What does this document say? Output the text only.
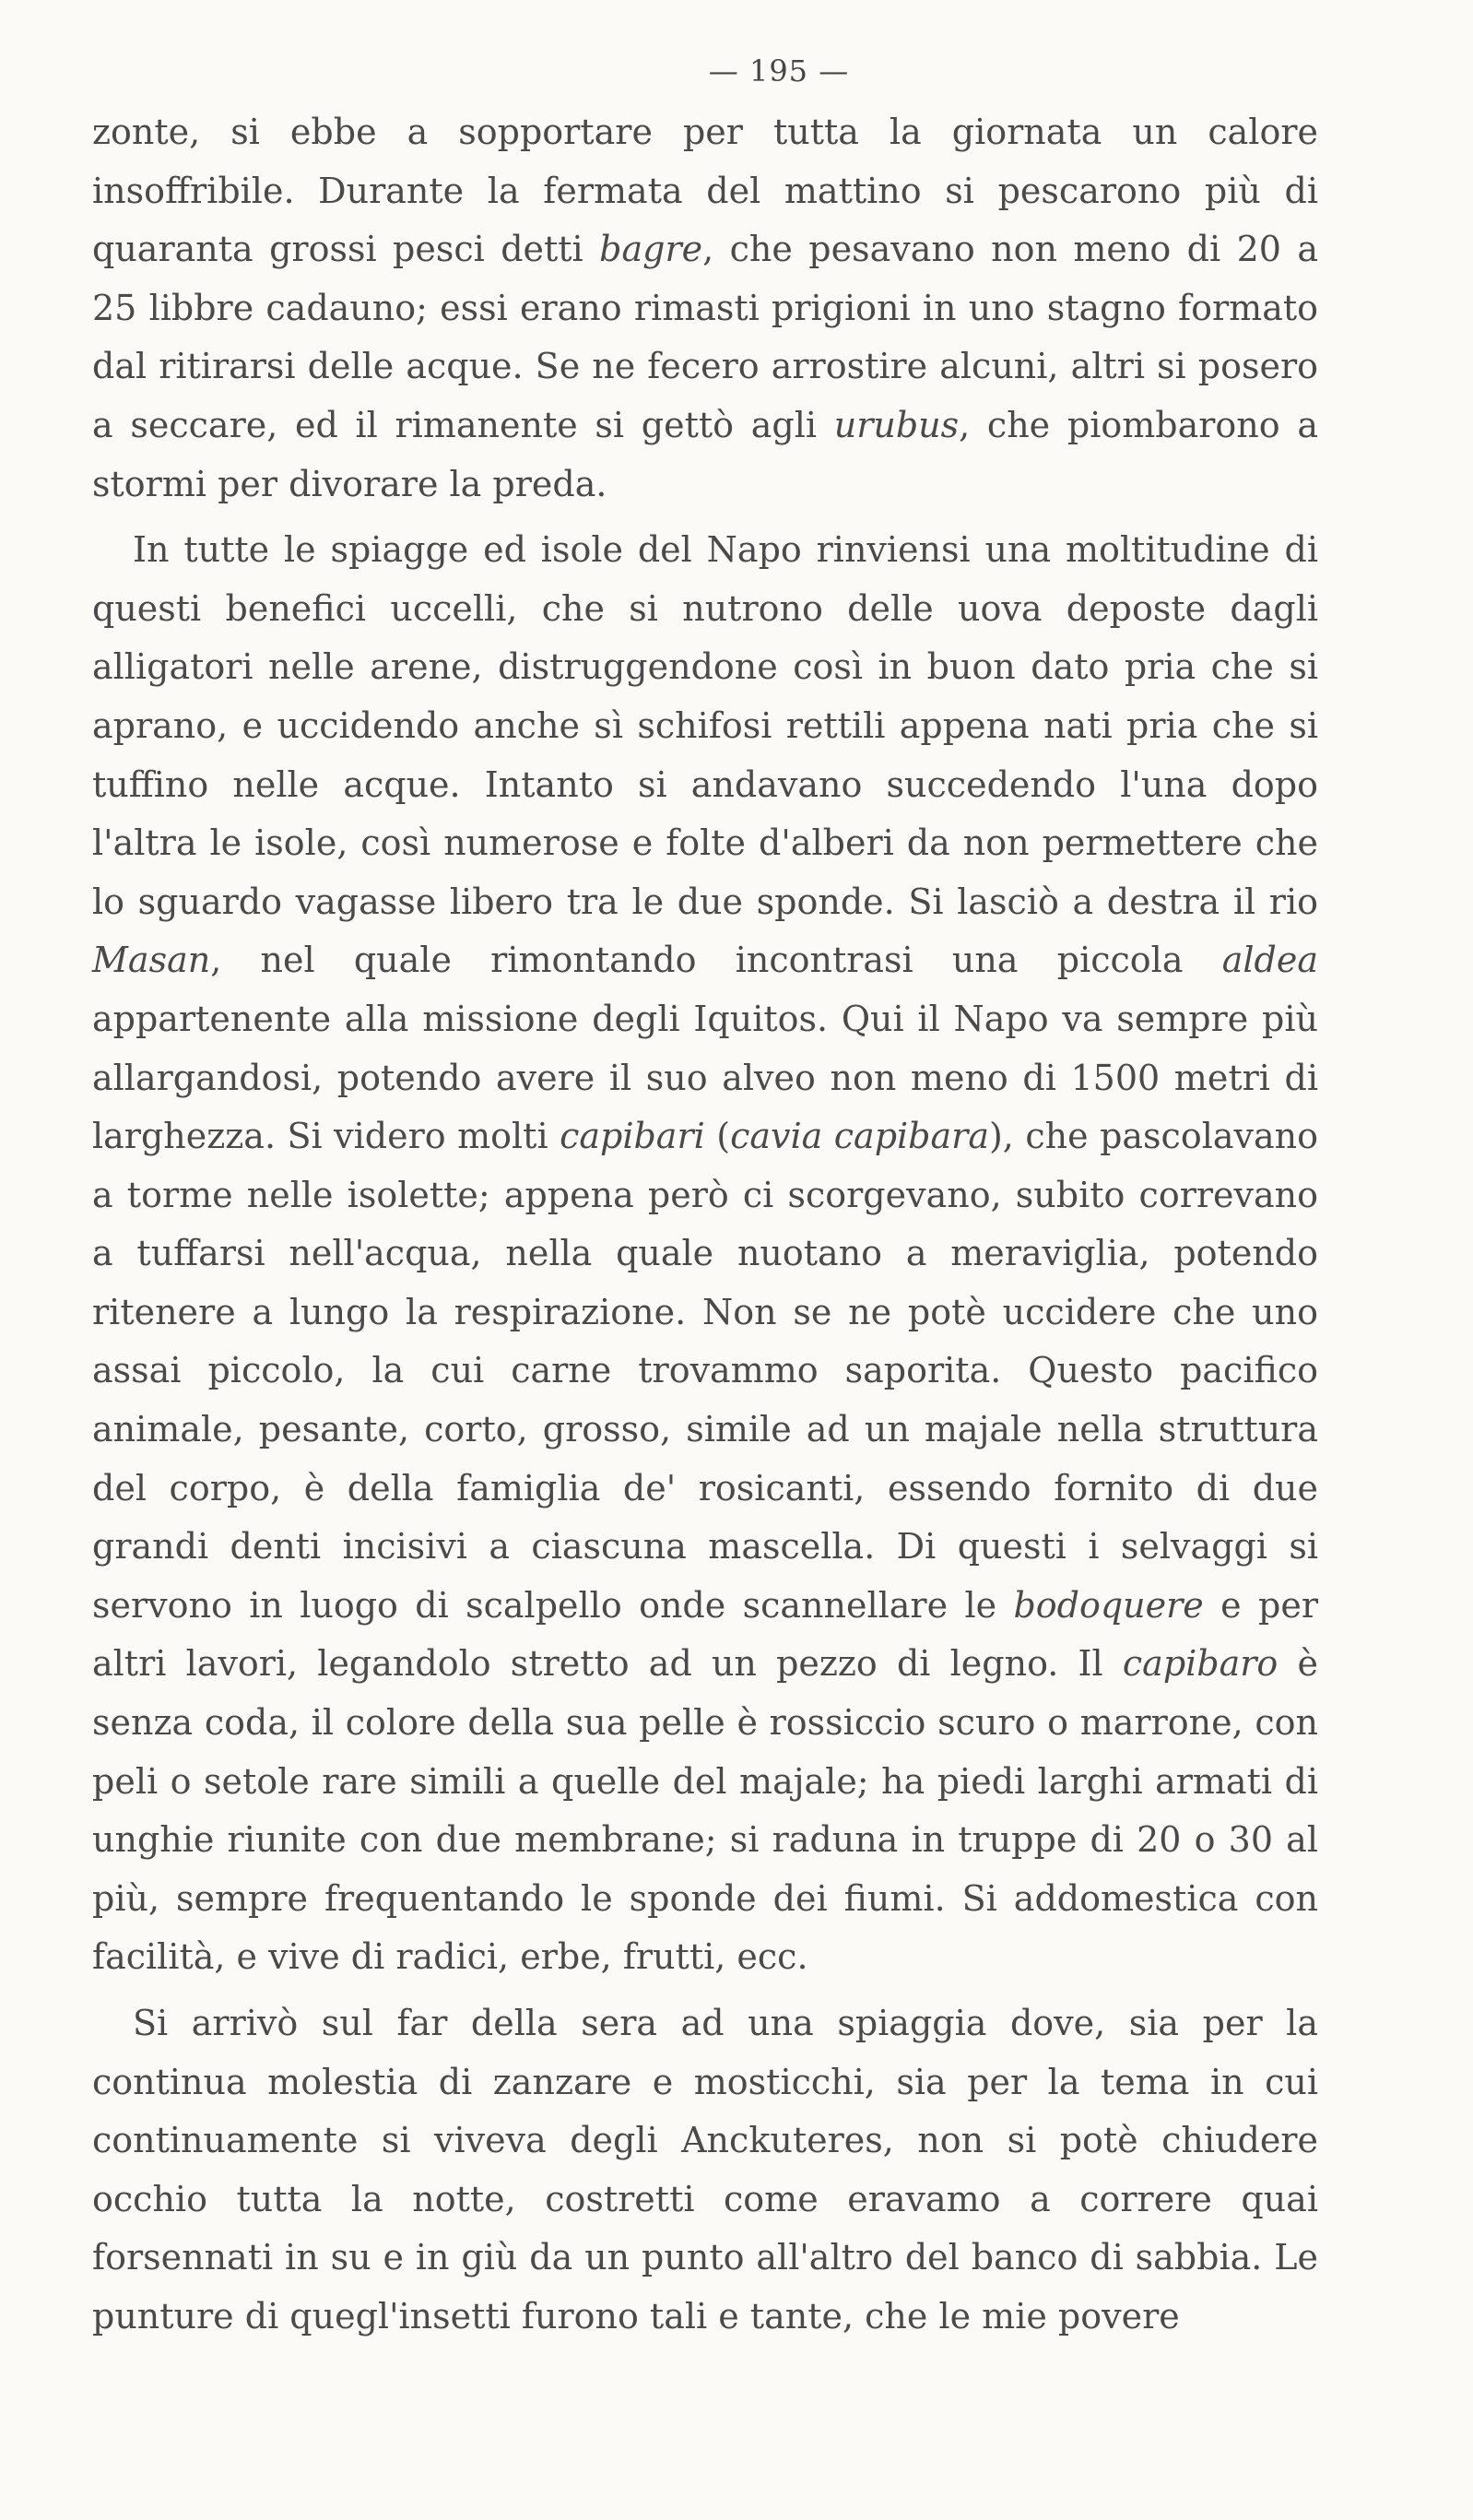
— 195 —

zonte, si ebbe a sopportare per tutta la giornata un calore insoffribile. Durante la fermata del mattino si pescarono più di quaranta grossi pesci detti bagre, che pesavano non meno di 20 a 25 libbre cadauno; essi erano rimasti prigioni in uno stagno formato dal ritirarsi delle acque. Se ne fecero arrostire alcuni, altri si posero a seccare, ed il rimanente si gettò agli urubus, che piombarono a stormi per divorare la preda.

In tutte le spiagge ed isole del Napo rinviensi una moltitudine di questi benefici uccelli, che si nutrono delle uova deposte dagli alligatori nelle arene, distruggendone così in buon dato pria che si aprano, e uccidendo anche sì schifosi rettili appena nati pria che si tuffino nelle acque. Intanto si andavano succedendo l'una dopo l'altra le isole, così numerose e folte d'alberi da non permettere che lo sguardo vagasse libero tra le due sponde. Si lasciò a destra il rio Masan, nel quale rimontando incontrasi una piccola aldea appartenente alla missione degli Iquitos. Qui il Napo va sempre più allargandosi, potendo avere il suo alveo non meno di 1500 metri di larghezza. Si videro molti capibari (cavia capibara), che pascolavano a torme nelle isolette; appena però ci scorgevano, subito correvano a tuffarsi nell'acqua, nella quale nuotano a meraviglia, potendo ritenere a lungo la respirazione. Non se ne potè uccidere che uno assai piccolo, la cui carne trovammo saporita. Questo pacifico animale, pesante, corto, grosso, simile ad un majale nella struttura del corpo, è della famiglia de' rosicanti, essendo fornito di due grandi denti incisivi a ciascuna mascella. Di questi i selvaggi si servono in luogo di scalpello onde scannellare le bodoquere e per altri lavori, legandolo stretto ad un pezzo di legno. Il capibaro è senza coda, il colore della sua pelle è rossiccio scuro o marrone, con peli o setole rare simili a quelle del majale; ha piedi larghi armati di unghie riunite con due membrane; si raduna in truppe di 20 o 30 al più, sempre frequentando le sponde dei fiumi. Si addomestica con facilità, e vive di radici, erbe, frutti, ecc.

Si arrivò sul far della sera ad una spiaggia dove, sia per la continua molestia di zanzare e mosticchi, sia per la tema in cui continuamente si viveva degli Anckuteres, non si potè chiudere occhio tutta la notte, costretti come eravamo a correre quai forsennati in su e in giù da un punto all'altro del banco di sabbia. Le punture di quegl'insetti furono tali e tante, che le mie povere
